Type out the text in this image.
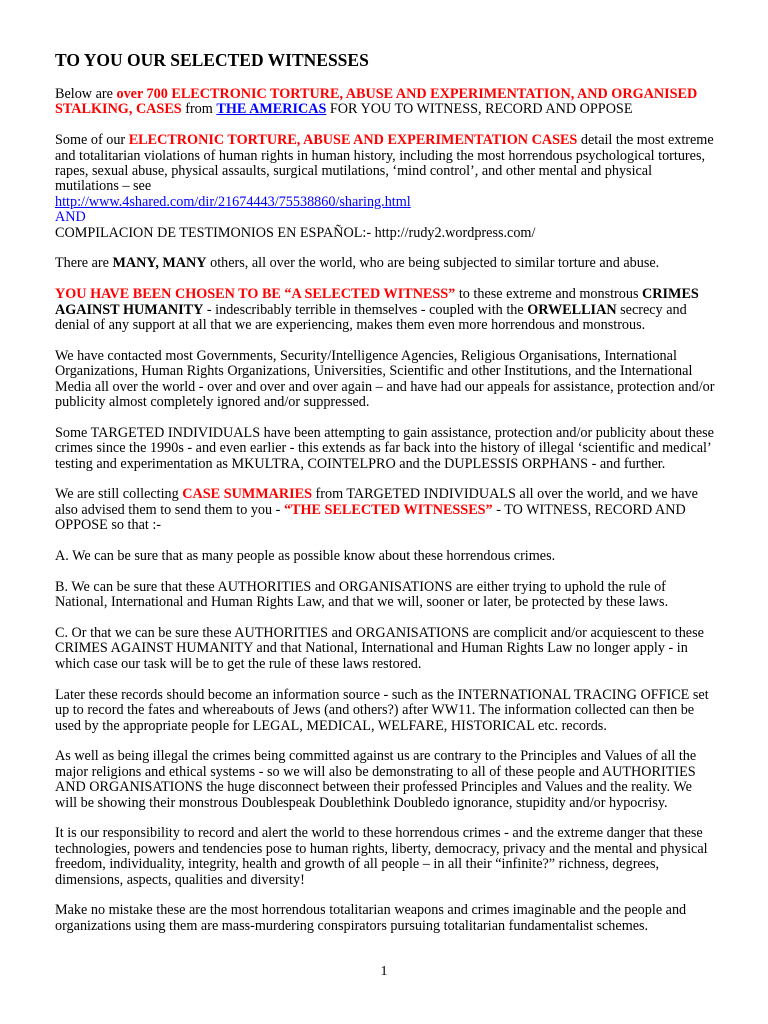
TO YOU OUR SELECTED WITNESSES

Below are over 700 ELECTRONIC TORTURE, ABUSE AND EXPERIMENTATION, AND ORGANISED STALKING, CASES from THE AMERICAS FOR YOU TO WITNESS, RECORD AND OPPOSE

Some of our ELECTRONIC TORTURE, ABUSE AND EXPERIMENTATION CASES detail the most extreme and totalitarian violations of human rights in human history, including the most horrendous psychological tortures, rapes, sexual abuse, physical assaults, surgical mutilations, ‘mind control’, and other mental and physical mutilations – see
http://www.4shared.com/dir/21674443/75538860/sharing.html
AND
COMPILACION DE TESTIMONIOS EN ESPAÑOL:- http://rudy2.wordpress.com/

There are MANY, MANY others, all over the world, who are being subjected to similar torture and abuse.

YOU HAVE BEEN CHOSEN TO BE “A SELECTED WITNESS” to these extreme and monstrous CRIMES AGAINST HUMANITY - indescribably terrible in themselves - coupled with the ORWELLIAN secrecy and denial of any support at all that we are experiencing, makes them even more horrendous and monstrous.

We have contacted most Governments, Security/Intelligence Agencies, Religious Organisations, International Organizations, Human Rights Organizations, Universities, Scientific and other Institutions, and the International Media all over the world - over and over and over again – and have had our appeals for assistance, protection and/or publicity almost completely ignored and/or suppressed.

Some TARGETED INDIVIDUALS have been attempting to gain assistance, protection and/or publicity about these crimes since the 1990s - and even earlier - this extends as far back into the history of illegal ‘scientific and medical’ testing and experimentation as MKULTRA, COINTELPRO and the DUPLESSIS ORPHANS - and further.

We are still collecting CASE SUMMARIES from TARGETED INDIVIDUALS all over the world, and we have also advised them to send them to you - “THE SELECTED WITNESSES” - TO WITNESS, RECORD AND OPPOSE so that :-

A. We can be sure that as many people as possible know about these horrendous crimes.

B. We can be sure that these AUTHORITIES and ORGANISATIONS are either trying to uphold the rule of National, International and Human Rights Law, and that we will, sooner or later, be protected by these laws.

C. Or that we can be sure these AUTHORITIES and ORGANISATIONS are complicit and/or acquiescent to these CRIMES AGAINST HUMANITY and that National, International and Human Rights Law no longer apply - in which case our task will be to get the rule of these laws restored.

Later these records should become an information source - such as the INTERNATIONAL TRACING OFFICE set up to record the fates and whereabouts of Jews (and others?) after WW11. The information collected can then be used by the appropriate people for LEGAL, MEDICAL, WELFARE, HISTORICAL etc. records.

As well as being illegal the crimes being committed against us are contrary to the Principles and Values of all the major religions and ethical systems - so we will also be demonstrating to all of these people and AUTHORITIES AND ORGANISATIONS the huge disconnect between their professed Principles and Values and the reality. We will be showing their monstrous Doublespeak Doublethink Doubledo ignorance, stupidity and/or hypocrisy.

It is our responsibility to record and alert the world to these horrendous crimes - and the extreme danger that these technologies, powers and tendencies pose to human rights, liberty, democracy, privacy and the mental and physical freedom, individuality, integrity, health and growth of all people – in all their “infinite?” richness, degrees, dimensions, aspects, qualities and diversity!

Make no mistake these are the most horrendous totalitarian weapons and crimes imaginable and the people and organizations using them are mass-murdering conspirators pursuing totalitarian fundamentalist schemes.

1
